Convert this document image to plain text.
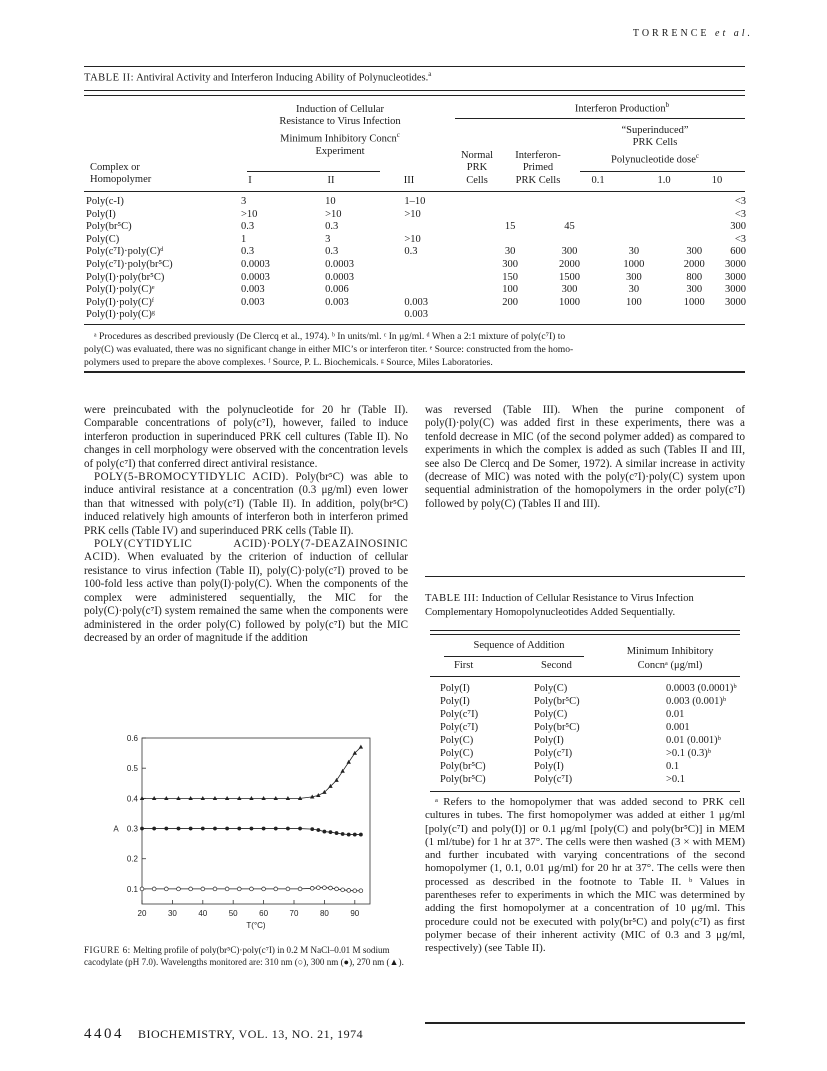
TORRENCE et al.
TABLE II: Antiviral Activity and Interferon Inducing Ability of Polynucleotides.$^a$
Induction of Cellular
Resistance to Virus Infection
Minimum Inhibitory Concn$^c$
Experiment
Interferon Production$^b$
“Superinduced”
PRK Cells
Polynucleotide dose$^c$
Normal
PRK
Cells
Interferon-
Primed
PRK Cells
Complex or
Homopolymer	I	II	III	0.1	1.0	10
Poly(c-I)	3	10	1–10					<3
Poly(I)	>10	>10	>10					<3
Poly(br⁵C)	0.3	0.3		15	45			300
Poly(C)	1	3	>10					<3
Poly(c⁷I)·poly(C)ᵈ	0.3	0.3	0.3	30	300	30	300	600
Poly(c⁷I)·poly(br⁵C)	0.0003	0.0003		300	2000	1000	2000	3000
Poly(I)·poly(br⁵C)	0.0003	0.0003		150	1500	300	800	3000
Poly(I)·poly(C)ᵉ	0.003	0.006		100	300	30	300	3000
Poly(I)·poly(C)ᶠ	0.003	0.003	0.003	200	1000	100	1000	3000
Poly(I)·poly(C)ᵍ			0.003					
ᵃ Procedures as described previously (De Clercq et al., 1974). ᵇ In units/ml. ᶜ In μg/ml. ᵈ When a 2:1 mixture of poly(c⁷I) to
poly(C) was evaluated, there was no significant change in either MIC’s or interferon titer. ᵉ Source: constructed from the homo-
polymers used to prepare the above complexes. ᶠ Source, P. L. Biochemicals. ᵍ Source, Miles Laboratories.

were preincubated with the polynucleotide for 20 hr (Table II). Comparable concentrations of poly(c⁷I), however, failed to induce interferon production in superinduced PRK cell cultures (Table II). No changes in cell morphology were observed with the concentration levels of poly(c⁷I) that conferred direct antiviral resistance.

POLY(5-BROMOCYTIDYLIC ACID). Poly(br⁵C) was able to induce antiviral resistance at a concentration (0.3 μg/ml) even lower than that witnessed with poly(c⁷I) (Table II). In addition, poly(br⁵C) induced relatively high amounts of interferon both in interferon primed PRK cells (Table IV) and superinduced PRK cells (Table II).

POLY(CYTIDYLIC ACID)·POLY(7-DEAZAINOSINIC ACID). When evaluated by the criterion of induction of cellular resistance to virus infection (Table II), poly(C)·poly(c⁷I) proved to be 100-fold less active than poly(I)·poly(C). When the components of the complex were administered sequentially, the MIC for the poly(C)·poly(c⁷I) system remained the same when the components were administered in the order poly(C) followed by poly(c⁷I) but the MIC decreased by an order of magnitude if the addition

20	30	40	50	60	70	80	90
0.1
0.2
0.3
0.4
0.5
0.6
T(°C)
A
FIGURE 6: Melting profile of poly(br⁵C)·poly(c⁷I) in 0.2 M NaCl–0.01 M sodium cacodylate (pH 7.0). Wavelengths monitored are: 310 nm (○), 300 nm (●), 270 nm (▲).

was reversed (Table III). When the purine component of poly(I)·poly(C) was added first in these experiments, there was a tenfold decrease in MIC (of the second polymer added) as compared to experiments in which the complex is added as such (Tables II and III, see also De Clercq and De Somer, 1972). A similar increase in activity (decrease of MIC) was noted with the poly(c⁷I)·poly(C) system upon sequential administration of the homopolymers in the order poly(c⁷I) followed by poly(C) (Tables II and III).

TABLE III: Induction of Cellular Resistance to Virus Infection
Complementary Homopolynucleotides Added Sequentially.
Sequence of Addition
Minimum Inhibitory
Concnᵃ (μg/ml)
First	Second
Poly(I)	Poly(C)	0.0003 (0.0001)ᵇ
Poly(I)	Poly(br⁵C)	0.003 (0.001)ᵇ
Poly(c⁷I)	Poly(C)	0.01
Poly(c⁷I)	Poly(br⁵C)	0.001
Poly(C)	Poly(I)	0.01 (0.001)ᵇ
Poly(C)	Poly(c⁷I)	>0.1 (0.3)ᵇ
Poly(br⁵C)	Poly(I)	0.1
Poly(br⁵C)	Poly(c⁷I)	>0.1
ᵃ Refers to the homopolymer that was added second to PRK cell cultures in tubes. The first homopolymer was added at either 1 μg/ml [poly(c⁷I) and poly(I)] or 0.1 μg/ml [poly(C) and poly(br⁵C)] in MEM (1 ml/tube) for 1 hr at 37°. The cells were then washed (3 × with MEM) and further incubated with varying concentrations of the second homopolymer (1, 0.1, 0.01 μg/ml) for 20 hr at 37°. The cells were then processed as described in the footnote to Table II. ᵇ Values in parentheses refer to experiments in which the MIC was determined by adding the first homopolymer at a concentration of 10 μg/ml. This procedure could not be executed with poly(br⁵C) and poly(c⁷I) as first polymer becase of their inherent activity (MIC of 0.3 and 3 μg/ml, respectively) (see Table II).
4404 BIOCHEMISTRY, VOL. 13, NO. 21, 1974
